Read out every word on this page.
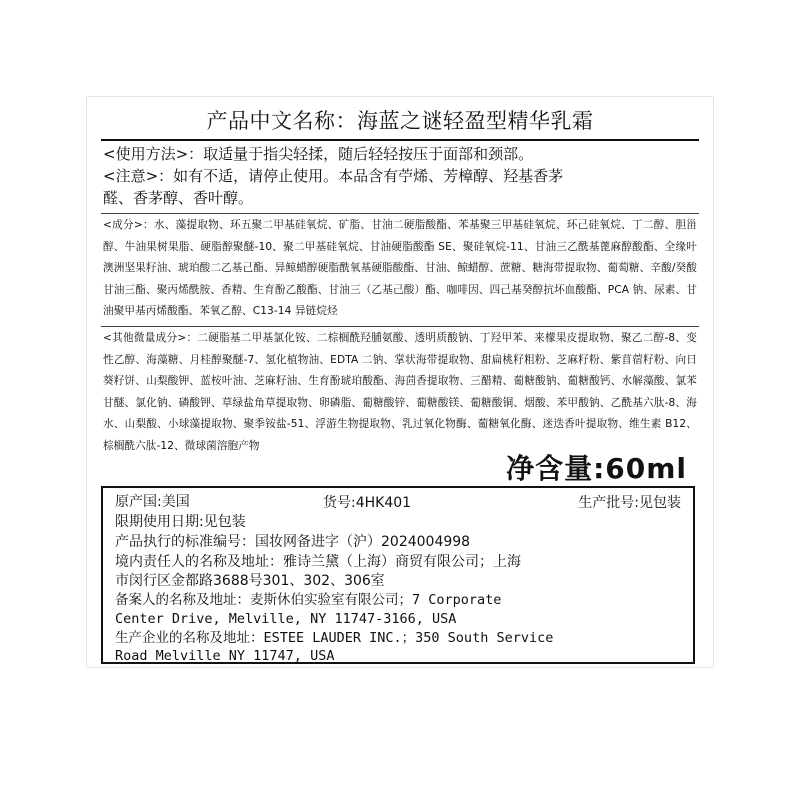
产品中文名称：海蓝之谜轻盈型精华乳霜

<使用方法>：取适量于指尖轻揉，随后轻轻按压于面部和颈部。

<注意>：如有不适，请停止使用。本品含有苧烯、芳樟醇、羟基香茅

醛、香茅醇、香叶醇。

<成分>：水、藻提取物、环五聚二甲基硅氧烷、矿脂、甘油二硬脂酸酯、苯基聚三甲基硅氧烷、环己硅氧烷、丁二醇、胆甾醇、牛油果树果脂、硬脂醇聚醚-10、聚二甲基硅氧烷、甘油硬脂酸酯 SE、聚硅氧烷-11、甘油三乙酰基蓖麻醇酸酯、全缘叶澳洲坚果籽油、琥珀酸二乙基己酯、异鲸蜡醇硬脂酰氧基硬脂酸酯、甘油、鲸蜡醇、蔗糖、糖海带提取物、葡萄糖、辛酸/癸酸甘油三酯、聚丙烯酰胺、香精、生育酚乙酸酯、甘油三（乙基己酸）酯、咖啡因、四己基癸醇抗坏血酸酯、PCA 钠、尿素、甘油聚甲基丙烯酸酯、苯氧乙醇、C13-14 异链烷烃

<其他微量成分>：二硬脂基二甲基氯化铵、二棕榈酰羟脯氨酸、透明质酸钠、丁羟甲苯、来檬果皮提取物、聚乙二醇-8、变性乙醇、海藻糖、月桂醇聚醚-7、氢化植物油、EDTA 二钠、掌状海带提取物、甜扁桃籽粗粉、芝麻籽粉、紫苜蓿籽粉、向日葵籽饼、山梨酸钾、蓝桉叶油、芝麻籽油、生育酚琥珀酸酯、海茴香提取物、三醋精、葡糖酸钠、葡糖酸钙、水解藻酸、氯苯甘醚、氯化钠、磷酸钾、草绿盐角草提取物、卵磷脂、葡糖酸锌、葡糖酸镁、葡糖酸铜、烟酸、苯甲酸钠、乙酰基六肽-8、海水、山梨酸、小球藻提取物、聚季铵盐-51、浮游生物提取物、乳过氧化物酶、葡糖氧化酶、迷迭香叶提取物、维生素 B12、棕榈酰六肽-12、微球菌溶胞产物

净含量:60ml
原产国:美国	货号:4HK401	生产批号:见包装
限期使用日期:见包装
产品执行的标准编号：国妆网备进字（沪）2024004998
境内责任人的名称及地址：雅诗兰黛（上海）商贸有限公司；上海
市闵行区金都路3688号301、302、306室
备案人的名称及地址：麦斯休伯实验室有限公司；7 Corporate
Center Drive, Melville, NY 11747-3166, USA
生产企业的名称及地址：ESTEE LAUDER INC.；350 South Service
Road Melville NY 11747, USA
